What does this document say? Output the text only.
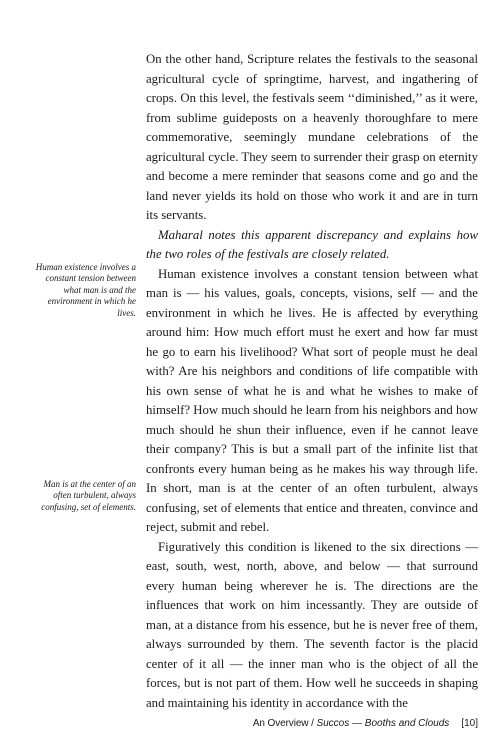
On the other hand, Scripture relates the festivals to the seasonal agricultural cycle of springtime, harvest, and ingathering of crops. On this level, the festivals seem ‘‘diminished,’’ as it were, from sublime guideposts on a heavenly thoroughfare to mere commemorative, seemingly mundane celebrations of the agricultural cycle. They seem to surrender their grasp on eternity and become a mere reminder that seasons come and go and the land never yields its hold on those who work it and are in turn its servants.

Maharal notes this apparent discrepancy and explains how the two roles of the festivals are closely related.

Human existence involves a constant tension between what man is — his values, goals, concepts, visions, self — and the environment in which he lives. He is affected by everything around him: How much effort must he exert and how far must he go to earn his livelihood? What sort of people must he deal with? Are his neighbors and conditions of life compatible with his own sense of what he is and what he wishes to make of himself? How much should he learn from his neighbors and how much should he shun their influence, even if he cannot leave their company? This is but a small part of the infinite list that confronts every human being as he makes his way through life. In short, man is at the center of an often turbulent, always confusing, set of elements that entice and threaten, convince and reject, submit and rebel.

Figuratively this condition is likened to the six directions — east, south, west, north, above, and below — that surround every human being wherever he is. The directions are the influences that work on him incessantly. They are outside of man, at a distance from his essence, but he is never free of them, always surrounded by them. The seventh factor is the placid center of it all — the inner man who is the object of all the forces, but is not part of them. How well he succeeds in shaping and maintaining his identity in accordance with the

Human existence involves a constant tension between what man is and the environment in which he lives.
Man is at the center of an often turbulent, always confusing, set of elements.
An Overview / Succos — Booths and Clouds [10]
